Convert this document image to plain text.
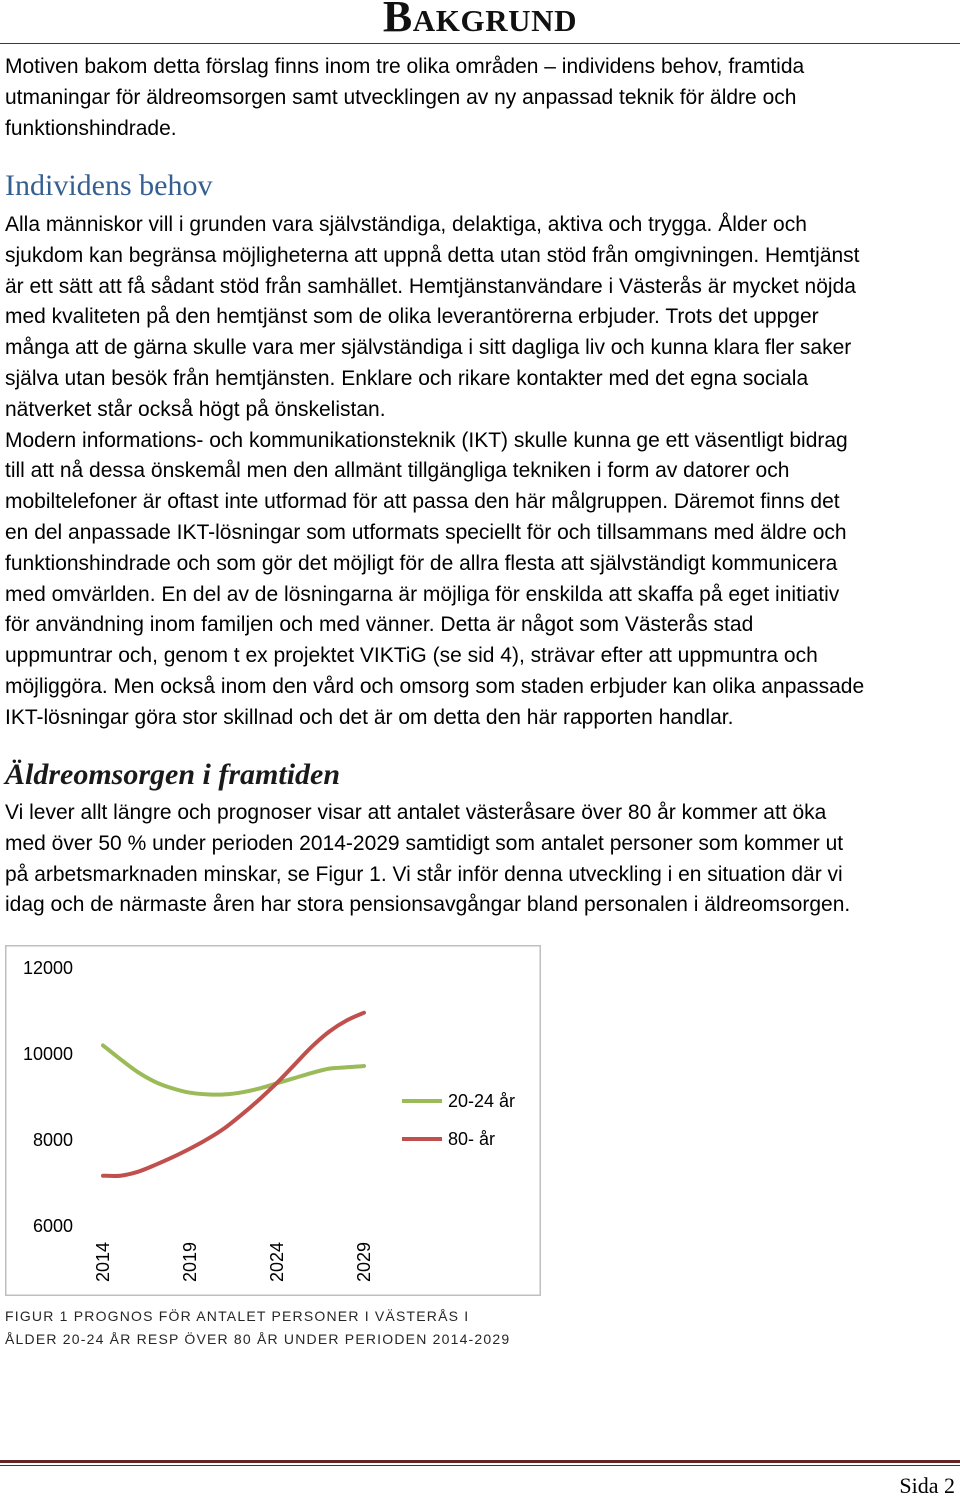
BAKGRUND
Motiven bakom detta förslag finns inom tre olika områden – individens behov, framtida
utmaningar för äldreomsorgen samt utvecklingen av ny anpassad teknik för äldre och
funktionshindrade.
Individens behov
Alla människor vill i grunden vara självständiga, delaktiga, aktiva och trygga. Ålder och
sjukdom kan begränsa möjligheterna att uppnå detta utan stöd från omgivningen. Hemtjänst
är ett sätt att få sådant stöd från samhället. Hemtjänstanvändare i Västerås är mycket nöjda
med kvaliteten på den hemtjänst som de olika leverantörerna erbjuder. Trots det uppger
många att de gärna skulle vara mer självständiga i sitt dagliga liv och kunna klara fler saker
själva utan besök från hemtjänsten. Enklare och rikare kontakter med det egna sociala
nätverket står också högt på önskelistan.
Modern informations- och kommunikationsteknik (IKT) skulle kunna ge ett väsentligt bidrag
till att nå dessa önskemål men den allmänt tillgängliga tekniken i form av datorer och
mobiltelefoner är oftast inte utformad för att passa den här målgruppen. Däremot finns det
en del anpassade IKT-lösningar som utformats speciellt för och tillsammans med äldre och
funktionshindrade och som gör det möjligt för de allra flesta att självständigt kommunicera
med omvärlden. En del av de lösningarna är möjliga för enskilda att skaffa på eget initiativ
för användning inom familjen och med vänner. Detta är något som Västerås stad
uppmuntrar och, genom t ex projektet VIKTiG (se sid 4), strävar efter att uppmuntra och
möjliggöra. Men också inom den vård och omsorg som staden erbjuder kan olika anpassade
IKT-lösningar göra stor skillnad och det är om detta den här rapporten handlar.
Äldreomsorgen i framtiden
Vi lever allt längre och prognoser visar att antalet västeråsare över 80 år kommer att öka
med över 50 % under perioden 2014-2029 samtidigt som antalet personer som kommer ut
på arbetsmarknaden minskar, se Figur 1. Vi står inför denna utveckling i en situation där vi
idag och de närmaste åren har stora pensionsavgångar bland personalen i äldreomsorgen.
12000
10000
8000
6000
2014	2019	2024	2029
20-24 år
80- år
FIGUR 1 PROGNOS FÖR ANTALET PERSONER I VÄSTERÅS I
ÅLDER 20-24 ÅR RESP ÖVER 80 ÅR UNDER PERIODEN 2014-2029
Sida 2
